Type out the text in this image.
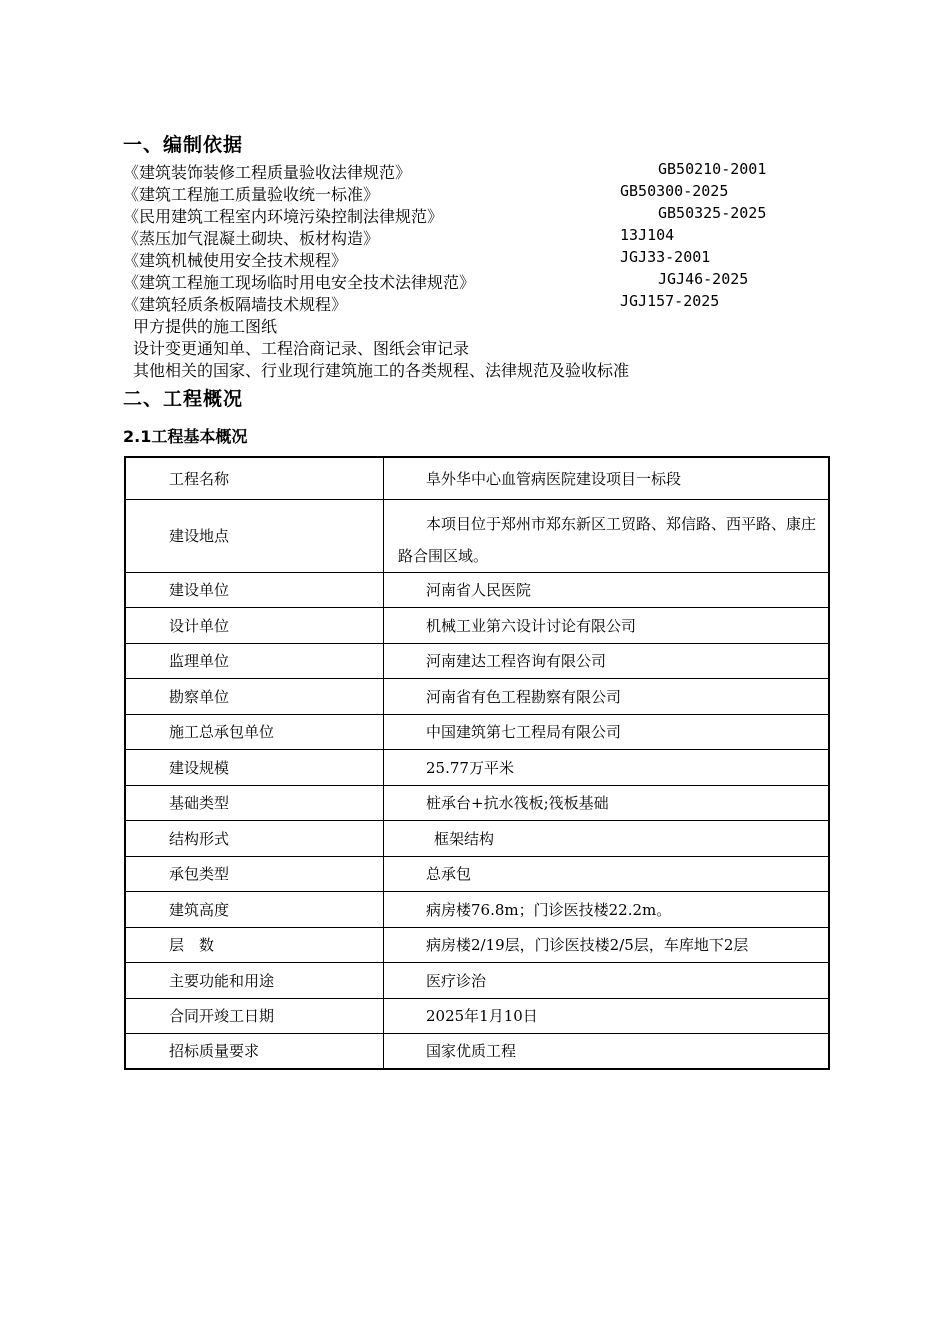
一、编制依据
《建筑装饰装修工程质量验收法律规范》	GB50210-2001
《建筑工程施工质量验收统一标准》	GB50300-2025
《民用建筑工程室内环境污染控制法律规范》	GB50325-2025
《蒸压加气混凝土砌块、板材构造》	13J104
《建筑机械使用安全技术规程》	JGJ33-2001
《建筑工程施工现场临时用电安全技术法律规范》	JGJ46-2025
《建筑轻质条板隔墙技术规程》	JGJ157-2025
甲方提供的施工图纸
设计变更通知单、工程洽商记录、图纸会审记录
其他相关的国家、行业现行建筑施工的各类规程、法律规范及验收标准
二、工程概况
2.1工程基本概况
工程名称	阜外华中心血管病医院建设项目一标段
建设地点	本项目位于郑州市郑东新区工贸路、郑信路、西平路、康庄路合围区域。
建设单位	河南省人民医院
设计单位	机械工业第六设计讨论有限公司
监理单位	河南建达工程咨询有限公司
勘察单位	河南省有色工程勘察有限公司
施工总承包单位	中国建筑第七工程局有限公司
建设规模	25.77万平米
基础类型	桩承台+抗水筏板;筏板基础
结构形式	框架结构
承包类型	总承包
建筑高度	病房楼76.8m；门诊医技楼22.2m。
层　数	病房楼2/19层，门诊医技楼2/5层，车库地下2层
主要功能和用途	医疗诊治
合同开竣工日期	2025年1月10日
招标质量要求	国家优质工程
